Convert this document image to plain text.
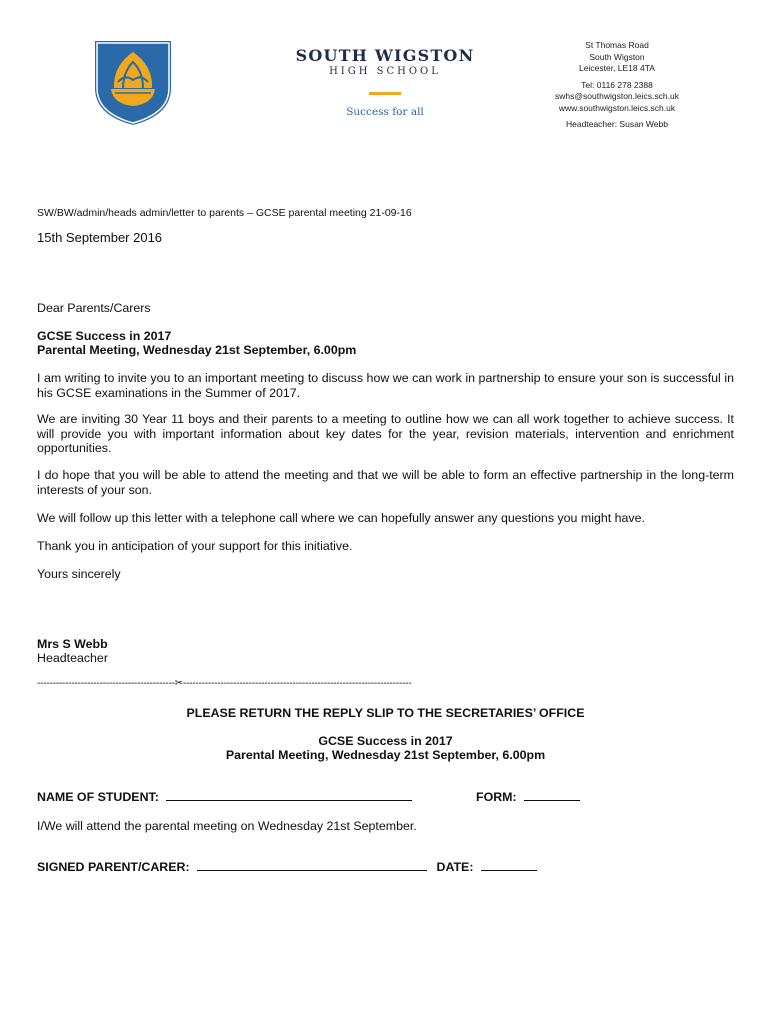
SOUTH WIGSTON
HIGH SCHOOL
Success for all
St Thomas Road
South Wigston
Leicester, LE18 4TA
Tel: 0116 278 2388
swhs@southwigston.leics.sch.uk
www.southwigston.leics.sch.uk
Headteacher: Susan Webb
SW/BW/admin/heads admin/letter to parents – GCSE parental meeting 21-09-16
15th September 2016
Dear Parents/Carers
GCSE Success in 2017
Parental Meeting, Wednesday 21st September, 6.00pm
I am writing to invite you to an important meeting to discuss how we can work in partnership to ensure your son is successful in his GCSE examinations in the Summer of 2017.
We are inviting 30 Year 11 boys and their parents to a meeting to outline how we can all work together to achieve success. It will provide you with important information about key dates for the year, revision materials, intervention and enrichment opportunities.
I do hope that you will be able to attend the meeting and that we will be able to form an effective partnership in the long-term interests of your son.
We will follow up this letter with a telephone call where we can hopefully answer any questions you might have.
Thank you in anticipation of your support for this initiative.
Yours sincerely
Mrs S Webb
Headteacher
--------------------------------------------✂-------------------------------------------------------------------------
PLEASE RETURN THE REPLY SLIP TO THE SECRETARIES’ OFFICE
GCSE Success in 2017
Parental Meeting, Wednesday 21st September, 6.00pm
NAME OF STUDENT:	FORM:
I/We will attend the parental meeting on Wednesday 21st September.
SIGNED PARENT/CARER:	DATE:
